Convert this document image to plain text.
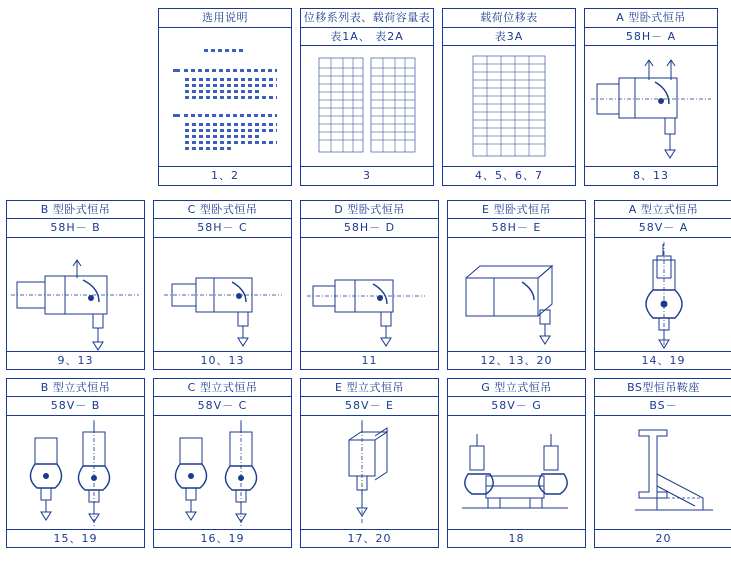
选用说明
1、2
位移系列表、载荷容量表
表1A、 表2A
3
载荷位移表
表3A
4、5、6、7
A 型卧式恒吊
58H－ A
8、13
B 型卧式恒吊
58H－ B
9、13
C 型卧式恒吊
58H－ C
10、13
D 型卧式恒吊
58H－ D
11
E 型卧式恒吊
58H－ E
12、13、20
A 型立式恒吊
58V－ A
14、19
B 型立式恒吊
58V－ B
15、19
C 型立式恒吊
58V－ C
16、19
E 型立式恒吊
58V－ E
17、20
G 型立式恒吊
58V－ G
18
BS型恒吊鞍座
BS－
20
